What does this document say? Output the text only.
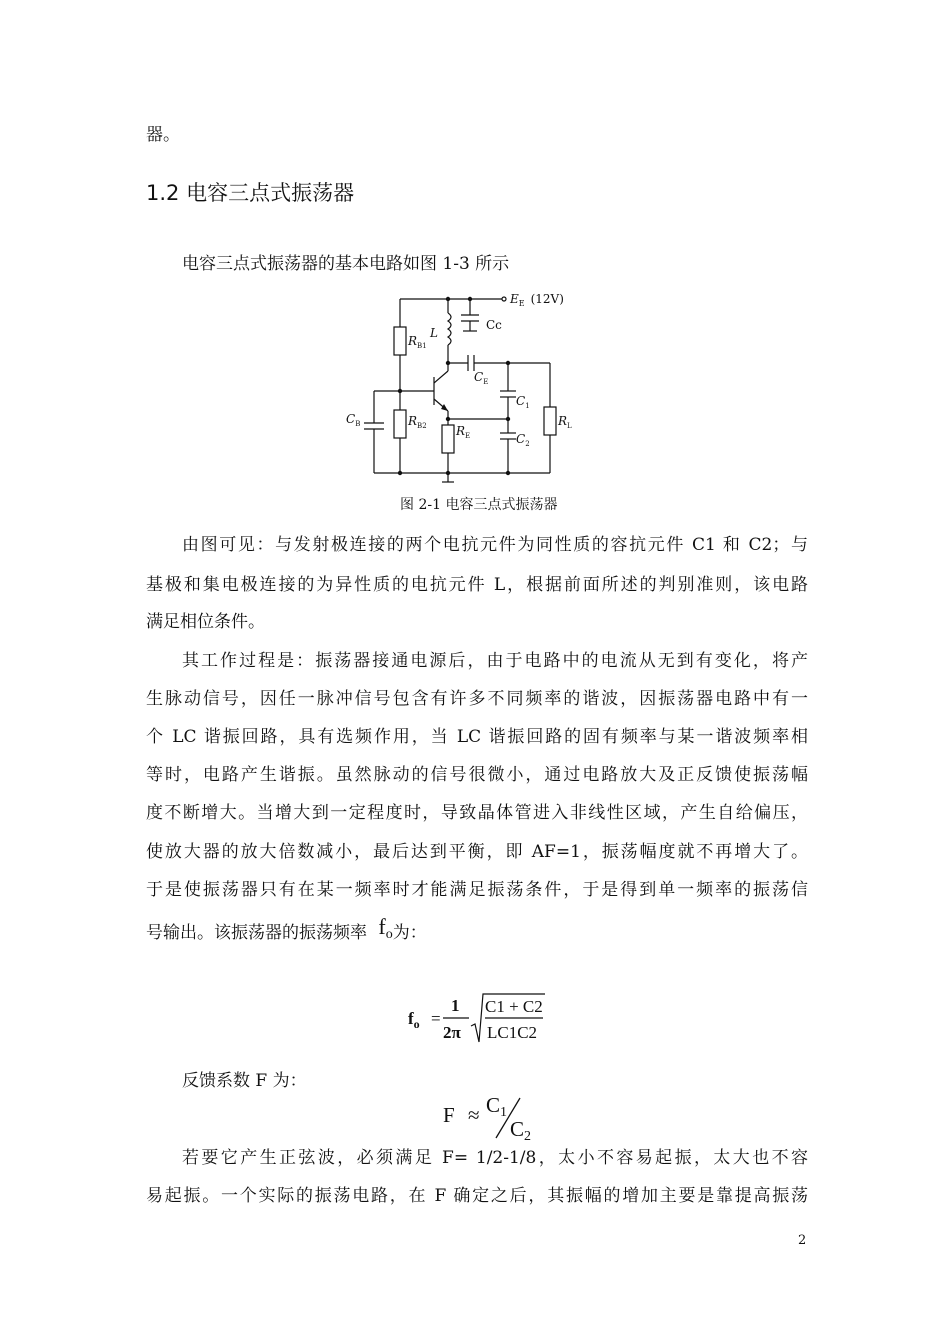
器。
1.2 电容三点式振荡器
电容三点式振荡器的基本电路如图 1-3 所示
$E_E$ (12V)
Cc
L
$R_{B1}$
$C_B$	$R_{B2}$
$C_E$
$C_1$
$C_2$
$R_E$
$R_L$
图 2-1 电容三点式振荡器
由图可见：与发射极连接的两个电抗元件为同性质的容抗元件 C1 和 C2；与
基极和集电极连接的为异性质的电抗元件 L，根据前面所述的判别准则，该电路
满足相位条件。
其工作过程是：振荡器接通电源后，由于电路中的电流从无到有变化，将产
生脉动信号，因任一脉冲信号包含有许多不同频率的谐波，因振荡器电路中有一
个 LC 谐振回路，具有选频作用，当 LC 谐振回路的固有频率与某一谐波频率相
等时，电路产生谐振。虽然脉动的信号很微小，通过电路放大及正反馈使振荡幅
度不断增大。当增大到一定程度时，导致晶体管进入非线性区域，产生自给偏压，
使放大器的放大倍数减小，最后达到平衡，即 AF=1，振荡幅度就不再增大了。
于是使振荡器只有在某一频率时才能满足振荡条件，于是得到单一频率的振荡信
号输出。该振荡器的振荡频率 fo为：
$f_o$ =
1
2π
C1 + C2
LC1C2
反馈系数 F 为：
F ≈ C1
C2
若要它产生正弦波，必须满足 F= 1/2-1/8，太小不容易起振，太大也不容
易起振。一个实际的振荡电路，在 F 确定之后，其振幅的增加主要是靠提高振荡
2
